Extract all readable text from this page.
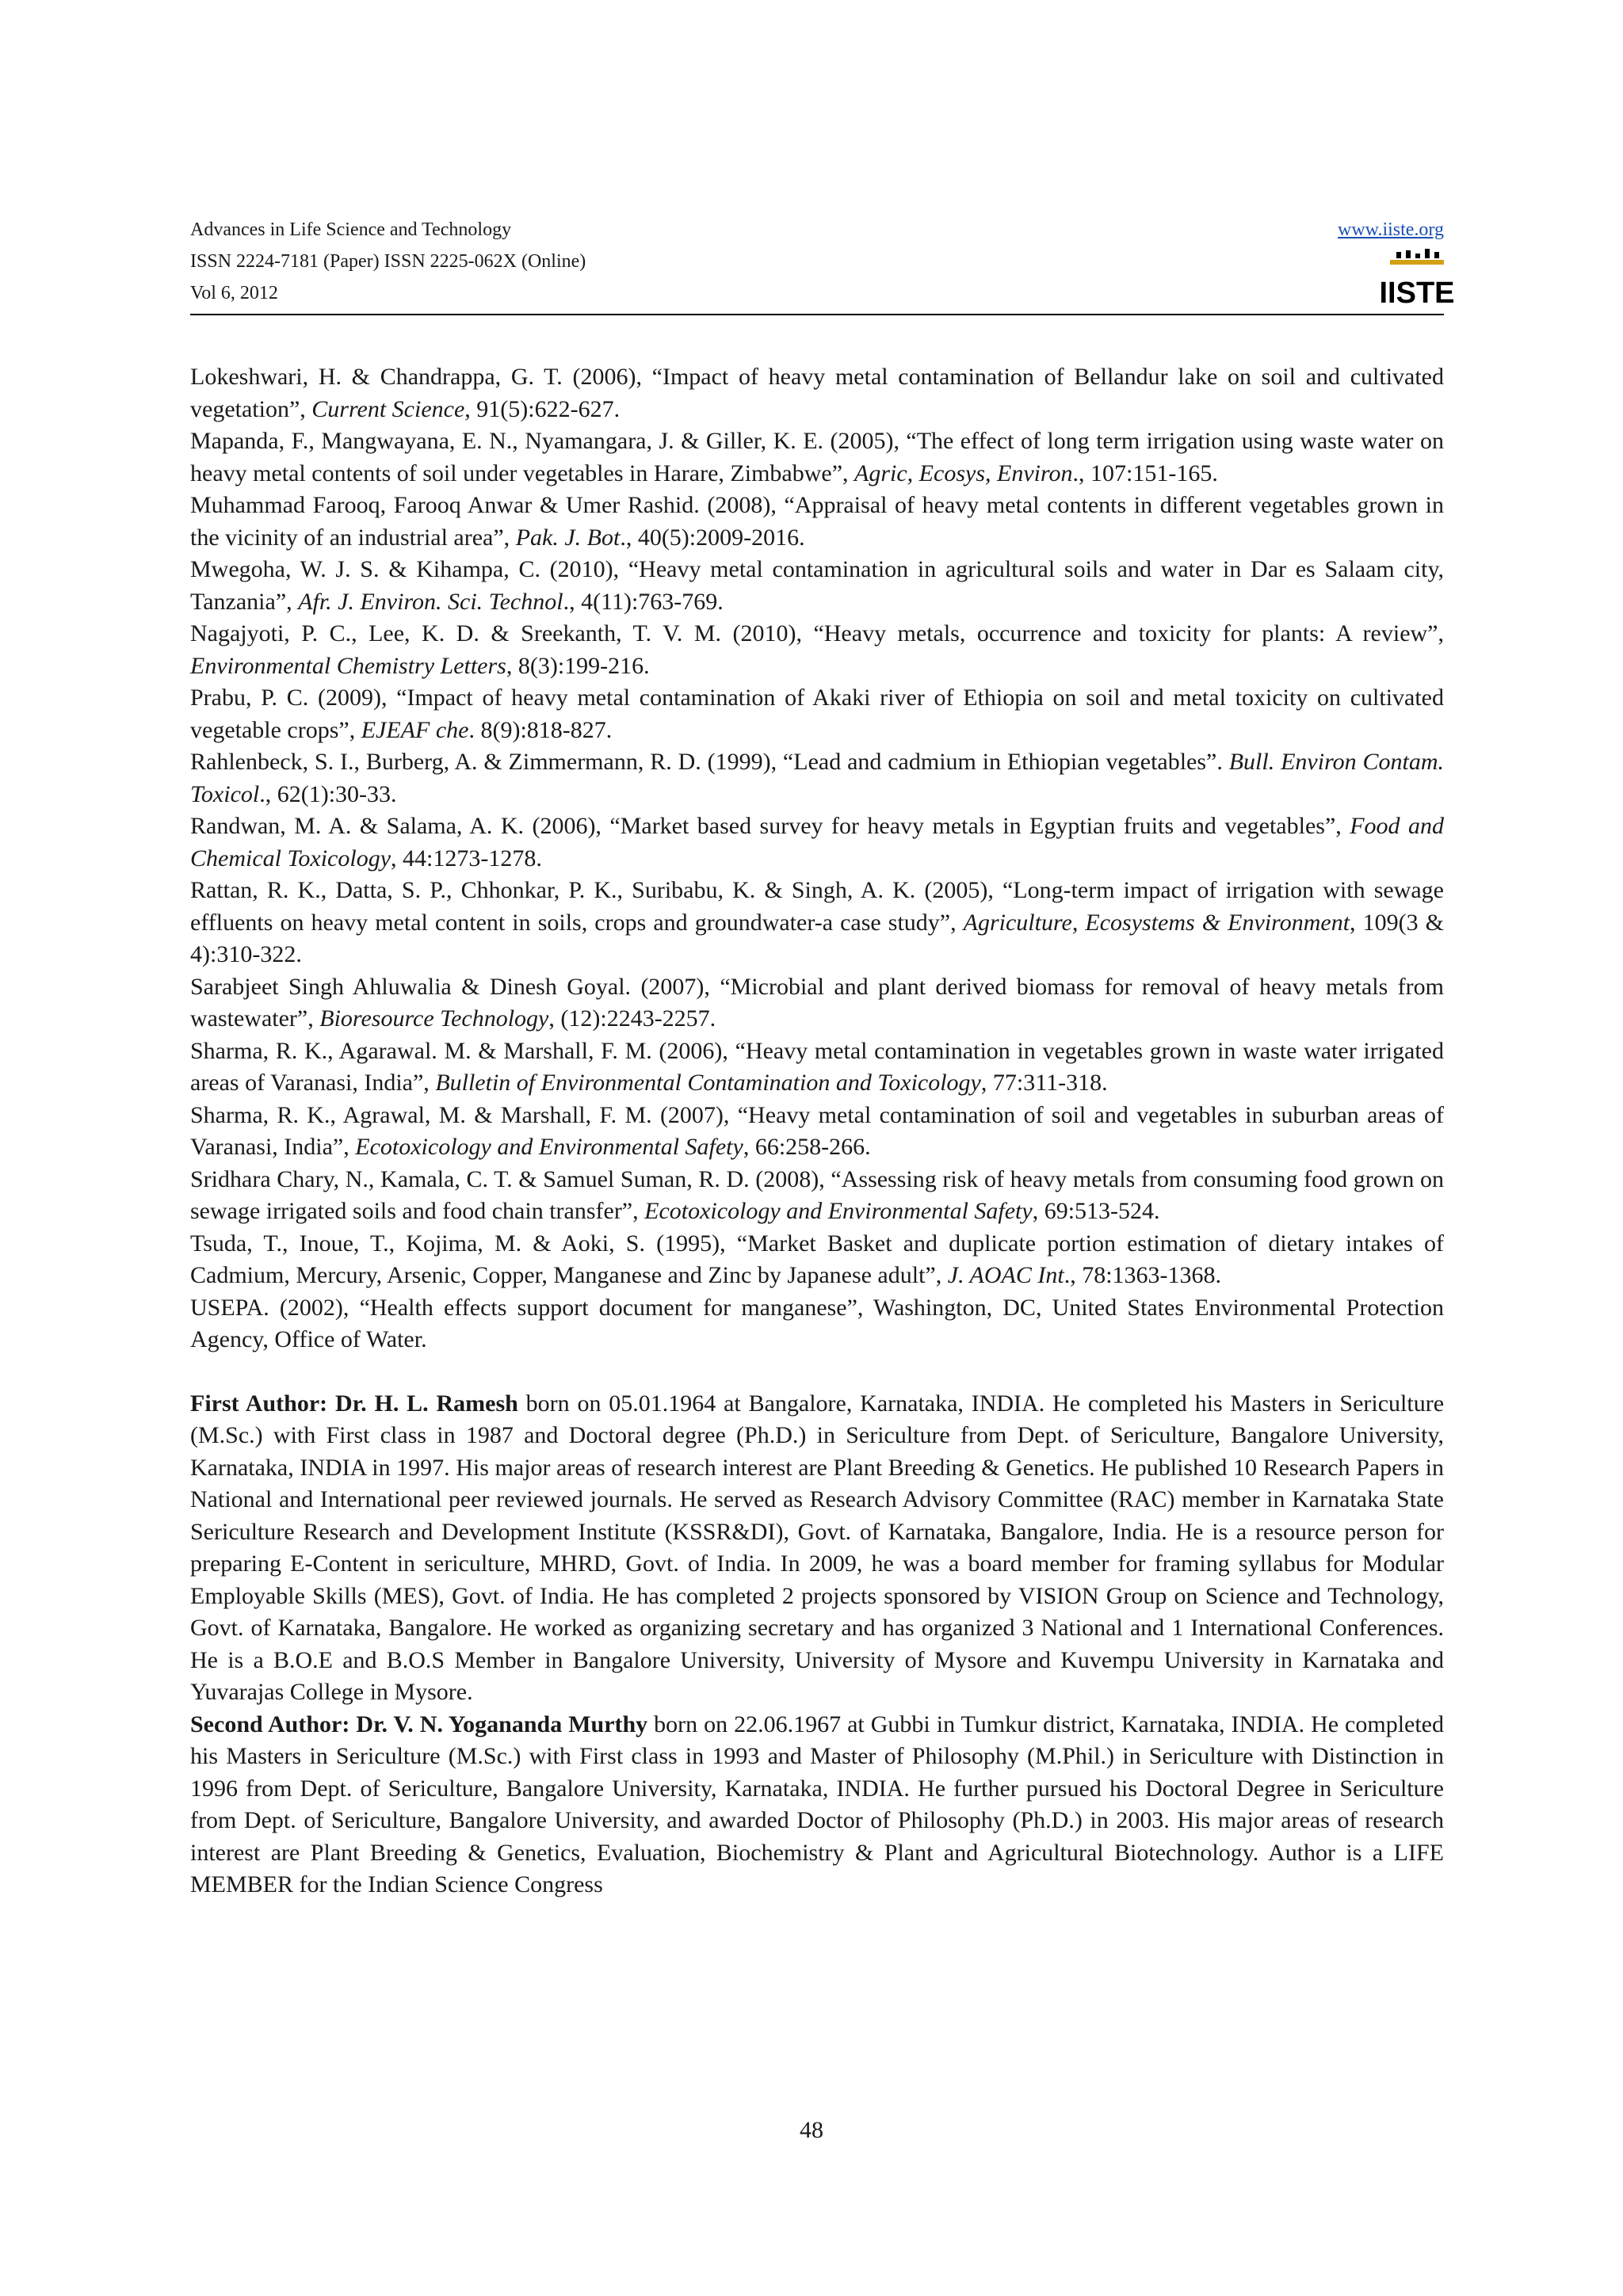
Advances in Life Science and Technology
ISSN 2224-7181 (Paper) ISSN 2225-062X (Online)
Vol 6, 2012
www.iiste.org
IISTE

Lokeshwari, H. & Chandrappa, G. T. (2006), “Impact of heavy metal contamination of Bellandur lake on soil and cultivated vegetation”, Current Science, 91(5):622-627.

Mapanda, F., Mangwayana, E. N., Nyamangara, J. & Giller, K. E. (2005), “The effect of long term irrigation using waste water on heavy metal contents of soil under vegetables in Harare, Zimbabwe”, Agric, Ecosys, Environ., 107:151-165.

Muhammad Farooq, Farooq Anwar & Umer Rashid. (2008), “Appraisal of heavy metal contents in different vegetables grown in the vicinity of an industrial area”, Pak. J. Bot., 40(5):2009-2016.

Mwegoha, W. J. S. & Kihampa, C. (2010), “Heavy metal contamination in agricultural soils and water in Dar es Salaam city, Tanzania”, Afr. J. Environ. Sci. Technol., 4(11):763-769.

Nagajyoti, P. C., Lee, K. D. & Sreekanth, T. V. M. (2010), “Heavy metals, occurrence and toxicity for plants: A review”, Environmental Chemistry Letters, 8(3):199-216.

Prabu, P. C. (2009), “Impact of heavy metal contamination of Akaki river of Ethiopia on soil and metal toxicity on cultivated vegetable crops”, EJEAF che. 8(9):818-827.

Rahlenbeck, S. I., Burberg, A. & Zimmermann, R. D. (1999), “Lead and cadmium in Ethiopian vegetables”. Bull. Environ Contam. Toxicol., 62(1):30-33.

Randwan, M. A. & Salama, A. K. (2006), “Market based survey for heavy metals in Egyptian fruits and vegetables”, Food and Chemical Toxicology, 44:1273-1278.

Rattan, R. K., Datta, S. P., Chhonkar, P. K., Suribabu, K. & Singh, A. K. (2005), “Long-term impact of irrigation with sewage effluents on heavy metal content in soils, crops and groundwater-a case study”, Agriculture, Ecosystems & Environment, 109(3 & 4):310-322.

Sarabjeet Singh Ahluwalia & Dinesh Goyal. (2007), “Microbial and plant derived biomass for removal of heavy metals from wastewater”, Bioresource Technology, (12):2243-2257.

Sharma, R. K., Agarawal. M. & Marshall, F. M. (2006), “Heavy metal contamination in vegetables grown in waste water irrigated areas of Varanasi, India”, Bulletin of Environmental Contamination and Toxicology, 77:311-318.

Sharma, R. K., Agrawal, M. & Marshall, F. M. (2007), “Heavy metal contamination of soil and vegetables in suburban areas of Varanasi, India”, Ecotoxicology and Environmental Safety, 66:258-266.

Sridhara Chary, N., Kamala, C. T. & Samuel Suman, R. D. (2008), “Assessing risk of heavy metals from consuming food grown on sewage irrigated soils and food chain transfer”, Ecotoxicology and Environmental Safety, 69:513-524.

Tsuda, T., Inoue, T., Kojima, M. & Aoki, S. (1995), “Market Basket and duplicate portion estimation of dietary intakes of Cadmium, Mercury, Arsenic, Copper, Manganese and Zinc by Japanese adult”, J. AOAC Int., 78:1363-1368.

USEPA. (2002), “Health effects support document for manganese”, Washington, DC, United States Environmental Protection Agency, Office of Water.

First Author: Dr. H. L. Ramesh born on 05.01.1964 at Bangalore, Karnataka, INDIA. He completed his Masters in Sericulture (M.Sc.) with First class in 1987 and Doctoral degree (Ph.D.) in Sericulture from Dept. of Sericulture, Bangalore University, Karnataka, INDIA in 1997. His major areas of research interest are Plant Breeding & Genetics. He published 10 Research Papers in National and International peer reviewed journals. He served as Research Advisory Committee (RAC) member in Karnataka State Sericulture Research and Development Institute (KSSR&DI), Govt. of Karnataka, Bangalore, India. He is a resource person for preparing E-Content in sericulture, MHRD, Govt. of India. In 2009, he was a board member for framing syllabus for Modular Employable Skills (MES), Govt. of India. He has completed 2 projects sponsored by VISION Group on Science and Technology, Govt. of Karnataka, Bangalore. He worked as organizing secretary and has organized 3 National and 1 International Conferences. He is a B.O.E and B.O.S Member in Bangalore University, University of Mysore and Kuvempu University in Karnataka and Yuvarajas College in Mysore.

Second Author: Dr. V. N. Yogananda Murthy born on 22.06.1967 at Gubbi in Tumkur district, Karnataka, INDIA. He completed his Masters in Sericulture (M.Sc.) with First class in 1993 and Master of Philosophy (M.Phil.) in Sericulture with Distinction in 1996 from Dept. of Sericulture, Bangalore University, Karnataka, INDIA. He further pursued his Doctoral Degree in Sericulture from Dept. of Sericulture, Bangalore University, and awarded Doctor of Philosophy (Ph.D.) in 2003. His major areas of research interest are Plant Breeding & Genetics, Evaluation, Biochemistry & Plant and Agricultural Biotechnology. Author is a LIFE MEMBER for the Indian Science Congress

48
